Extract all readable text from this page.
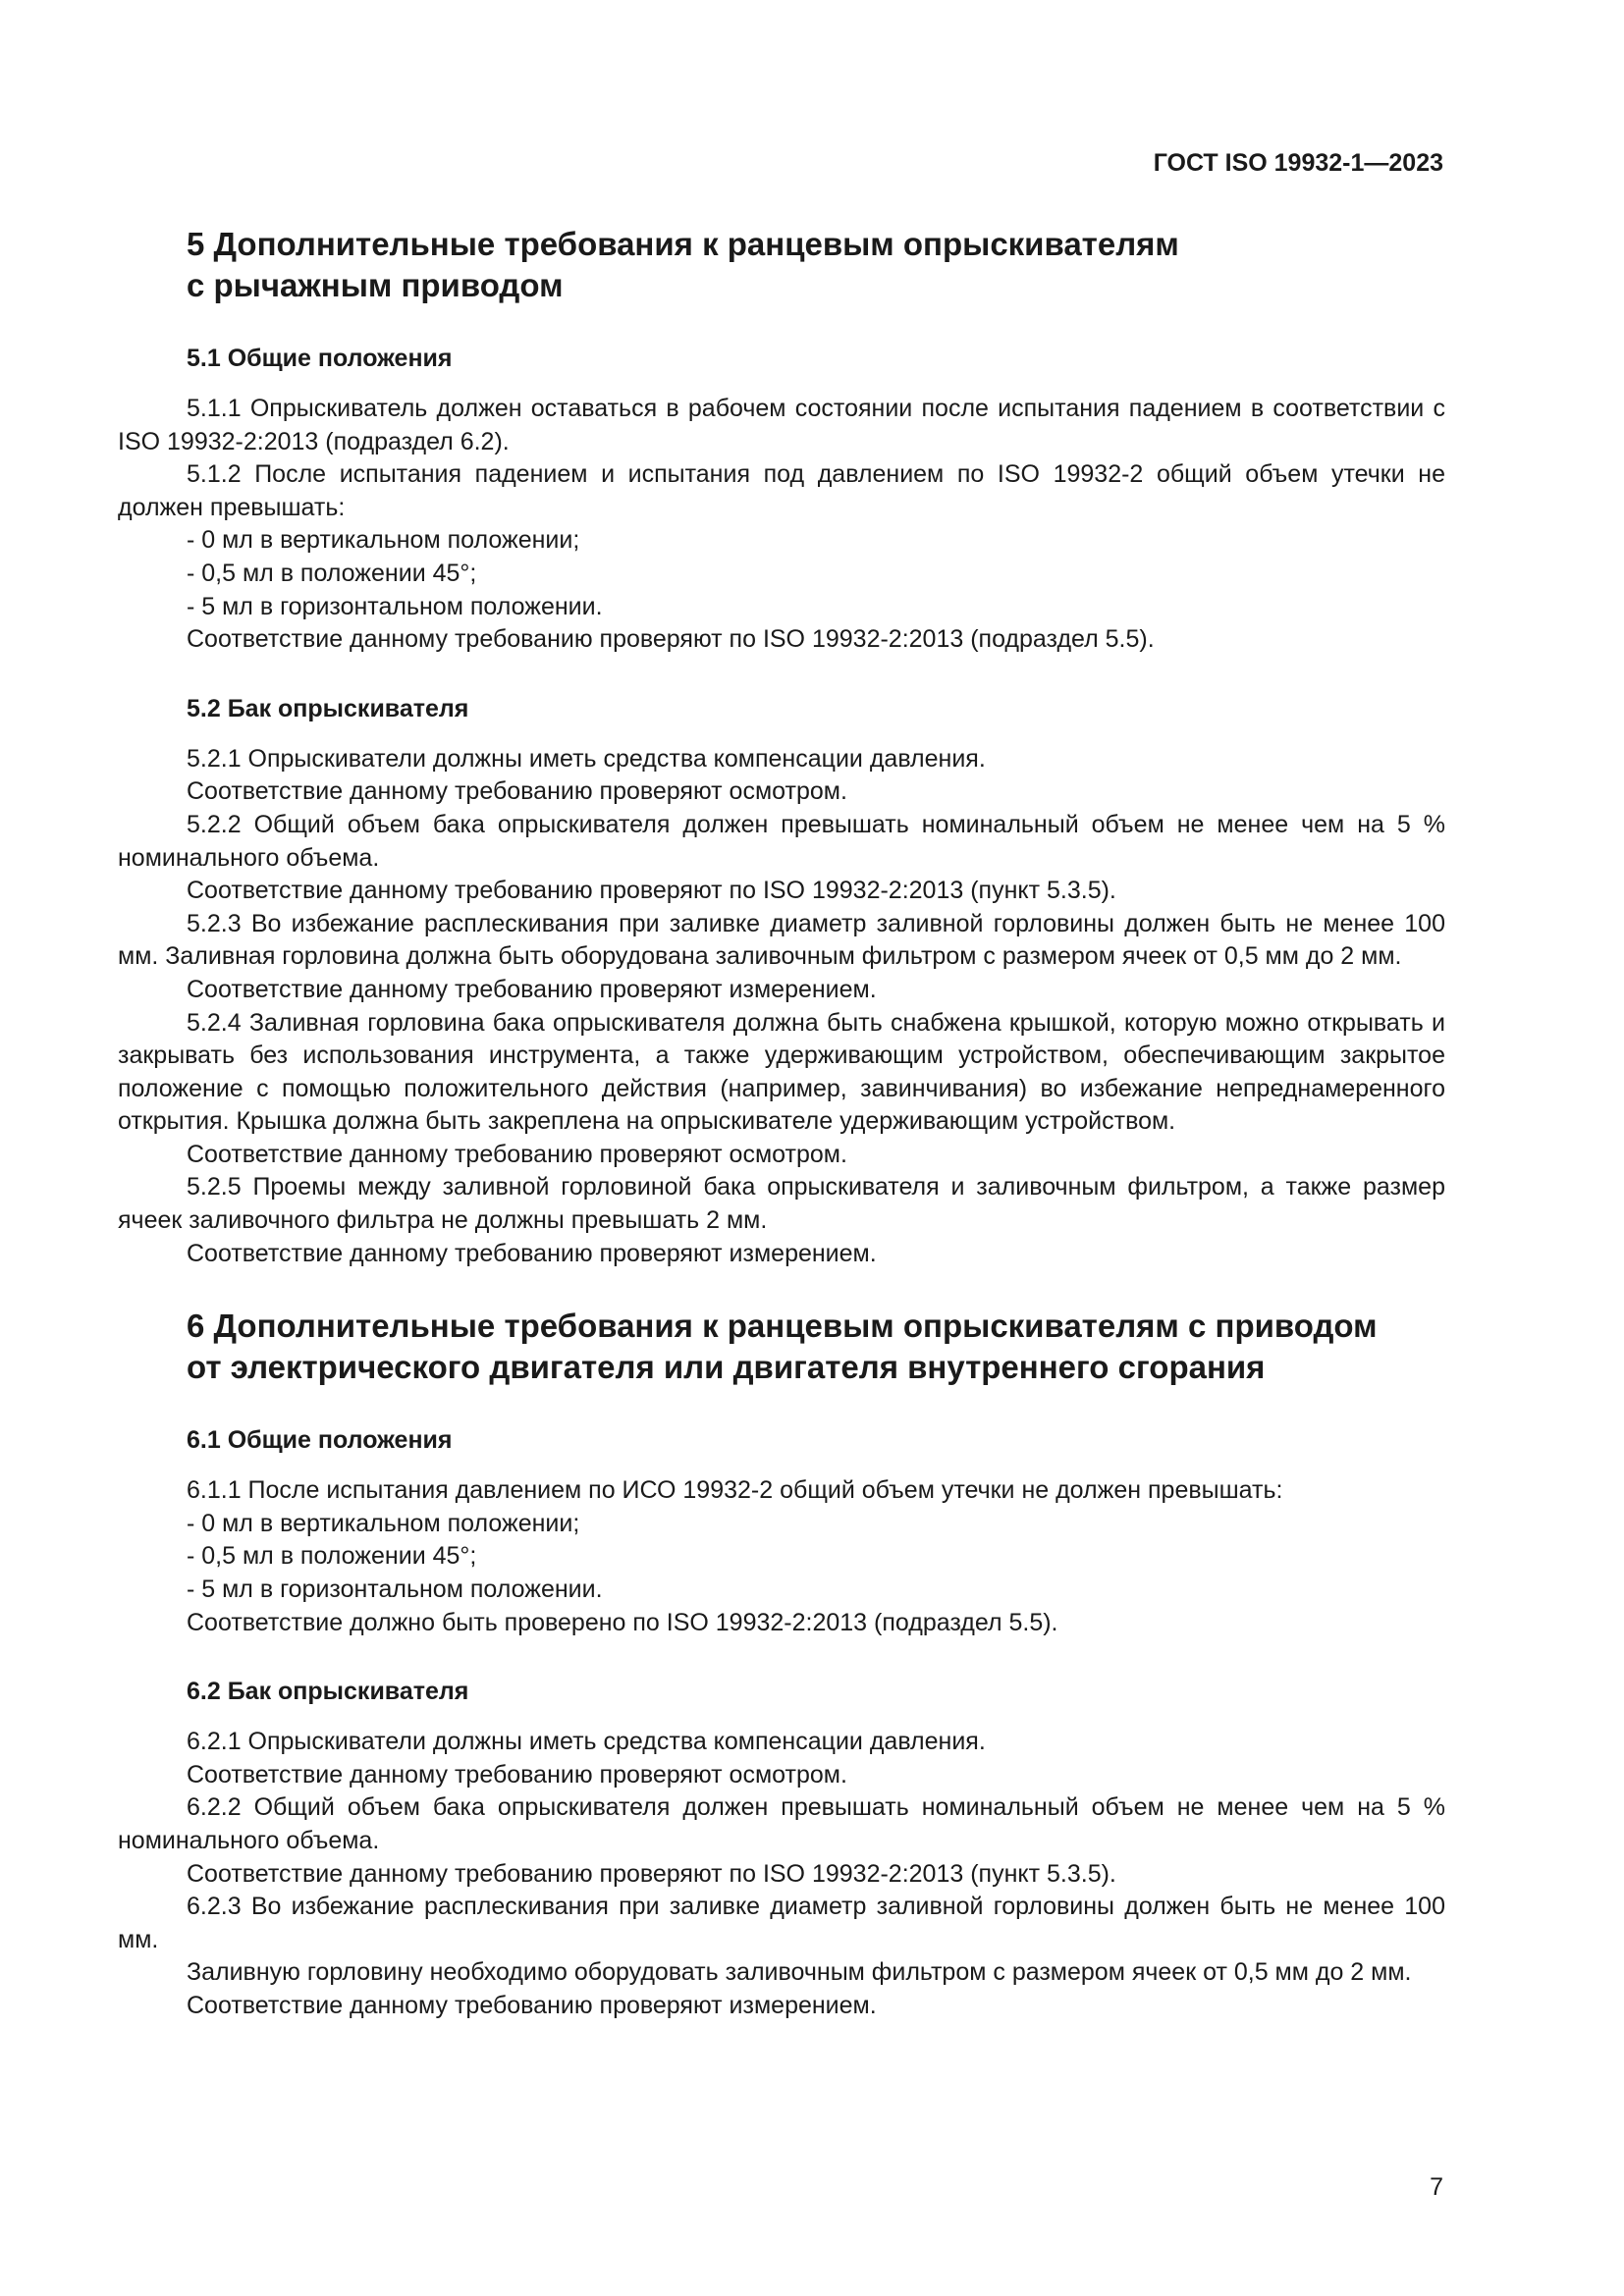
ГОСТ ISO 19932-1—2023
5 Дополнительные требования к ранцевым опрыскивателям
с рычажным приводом
5.1 Общие положения

5.1.1 Опрыскиватель должен оставаться в рабочем состоянии после испытания падением в соответствии с ISO 19932-2:2013 (подраздел 6.2).

5.1.2 После испытания падением и испытания под давлением по ISO 19932-2 общий объем утечки не должен превышать:

- 0 мл в вертикальном положении;

- 0,5 мл в положении 45°;

- 5 мл в горизонтальном положении.

Соответствие данному требованию проверяют по ISO 19932-2:2013 (подраздел 5.5).

5.2 Бак опрыскивателя

5.2.1 Опрыскиватели должны иметь средства компенсации давления.

Соответствие данному требованию проверяют осмотром.

5.2.2 Общий объем бака опрыскивателя должен превышать номинальный объем не менее чем на 5 % номинального объема.

Соответствие данному требованию проверяют по ISO 19932-2:2013 (пункт 5.3.5).

5.2.3 Во избежание расплескивания при заливке диаметр заливной горловины должен быть не менее 100 мм. Заливная горловина должна быть оборудована заливочным фильтром с размером ячеек от 0,5 мм до 2 мм.

Соответствие данному требованию проверяют измерением.

5.2.4 Заливная горловина бака опрыскивателя должна быть снабжена крышкой, которую можно открывать и закрывать без использования инструмента, а также удерживающим устройством, обеспечивающим закрытое положение с помощью положительного действия (например, завинчивания) во избежание непреднамеренного открытия. Крышка должна быть закреплена на опрыскивателе удерживающим устройством.

Соответствие данному требованию проверяют осмотром.

5.2.5 Проемы между заливной горловиной бака опрыскивателя и заливочным фильтром, а также размер ячеек заливочного фильтра не должны превышать 2 мм.

Соответствие данному требованию проверяют измерением.

6 Дополнительные требования к ранцевым опрыскивателям с приводом
от электрического двигателя или двигателя внутреннего сгорания
6.1 Общие положения

6.1.1 После испытания давлением по ИСО 19932-2 общий объем утечки не должен превышать:

- 0 мл в вертикальном положении;

- 0,5 мл в положении 45°;

- 5 мл в горизонтальном положении.

Соответствие должно быть проверено по ISO 19932-2:2013 (подраздел 5.5).

6.2 Бак опрыскивателя

6.2.1 Опрыскиватели должны иметь средства компенсации давления.

Соответствие данному требованию проверяют осмотром.

6.2.2 Общий объем бака опрыскивателя должен превышать номинальный объем не менее чем на 5 % номинального объема.

Соответствие данному требованию проверяют по ISO 19932-2:2013 (пункт 5.3.5).

6.2.3 Во избежание расплескивания при заливке диаметр заливной горловины должен быть не менее 100 мм.

Заливную горловину необходимо оборудовать заливочным фильтром с размером ячеек от 0,5 мм до 2 мм.

Соответствие данному требованию проверяют измерением.

7
